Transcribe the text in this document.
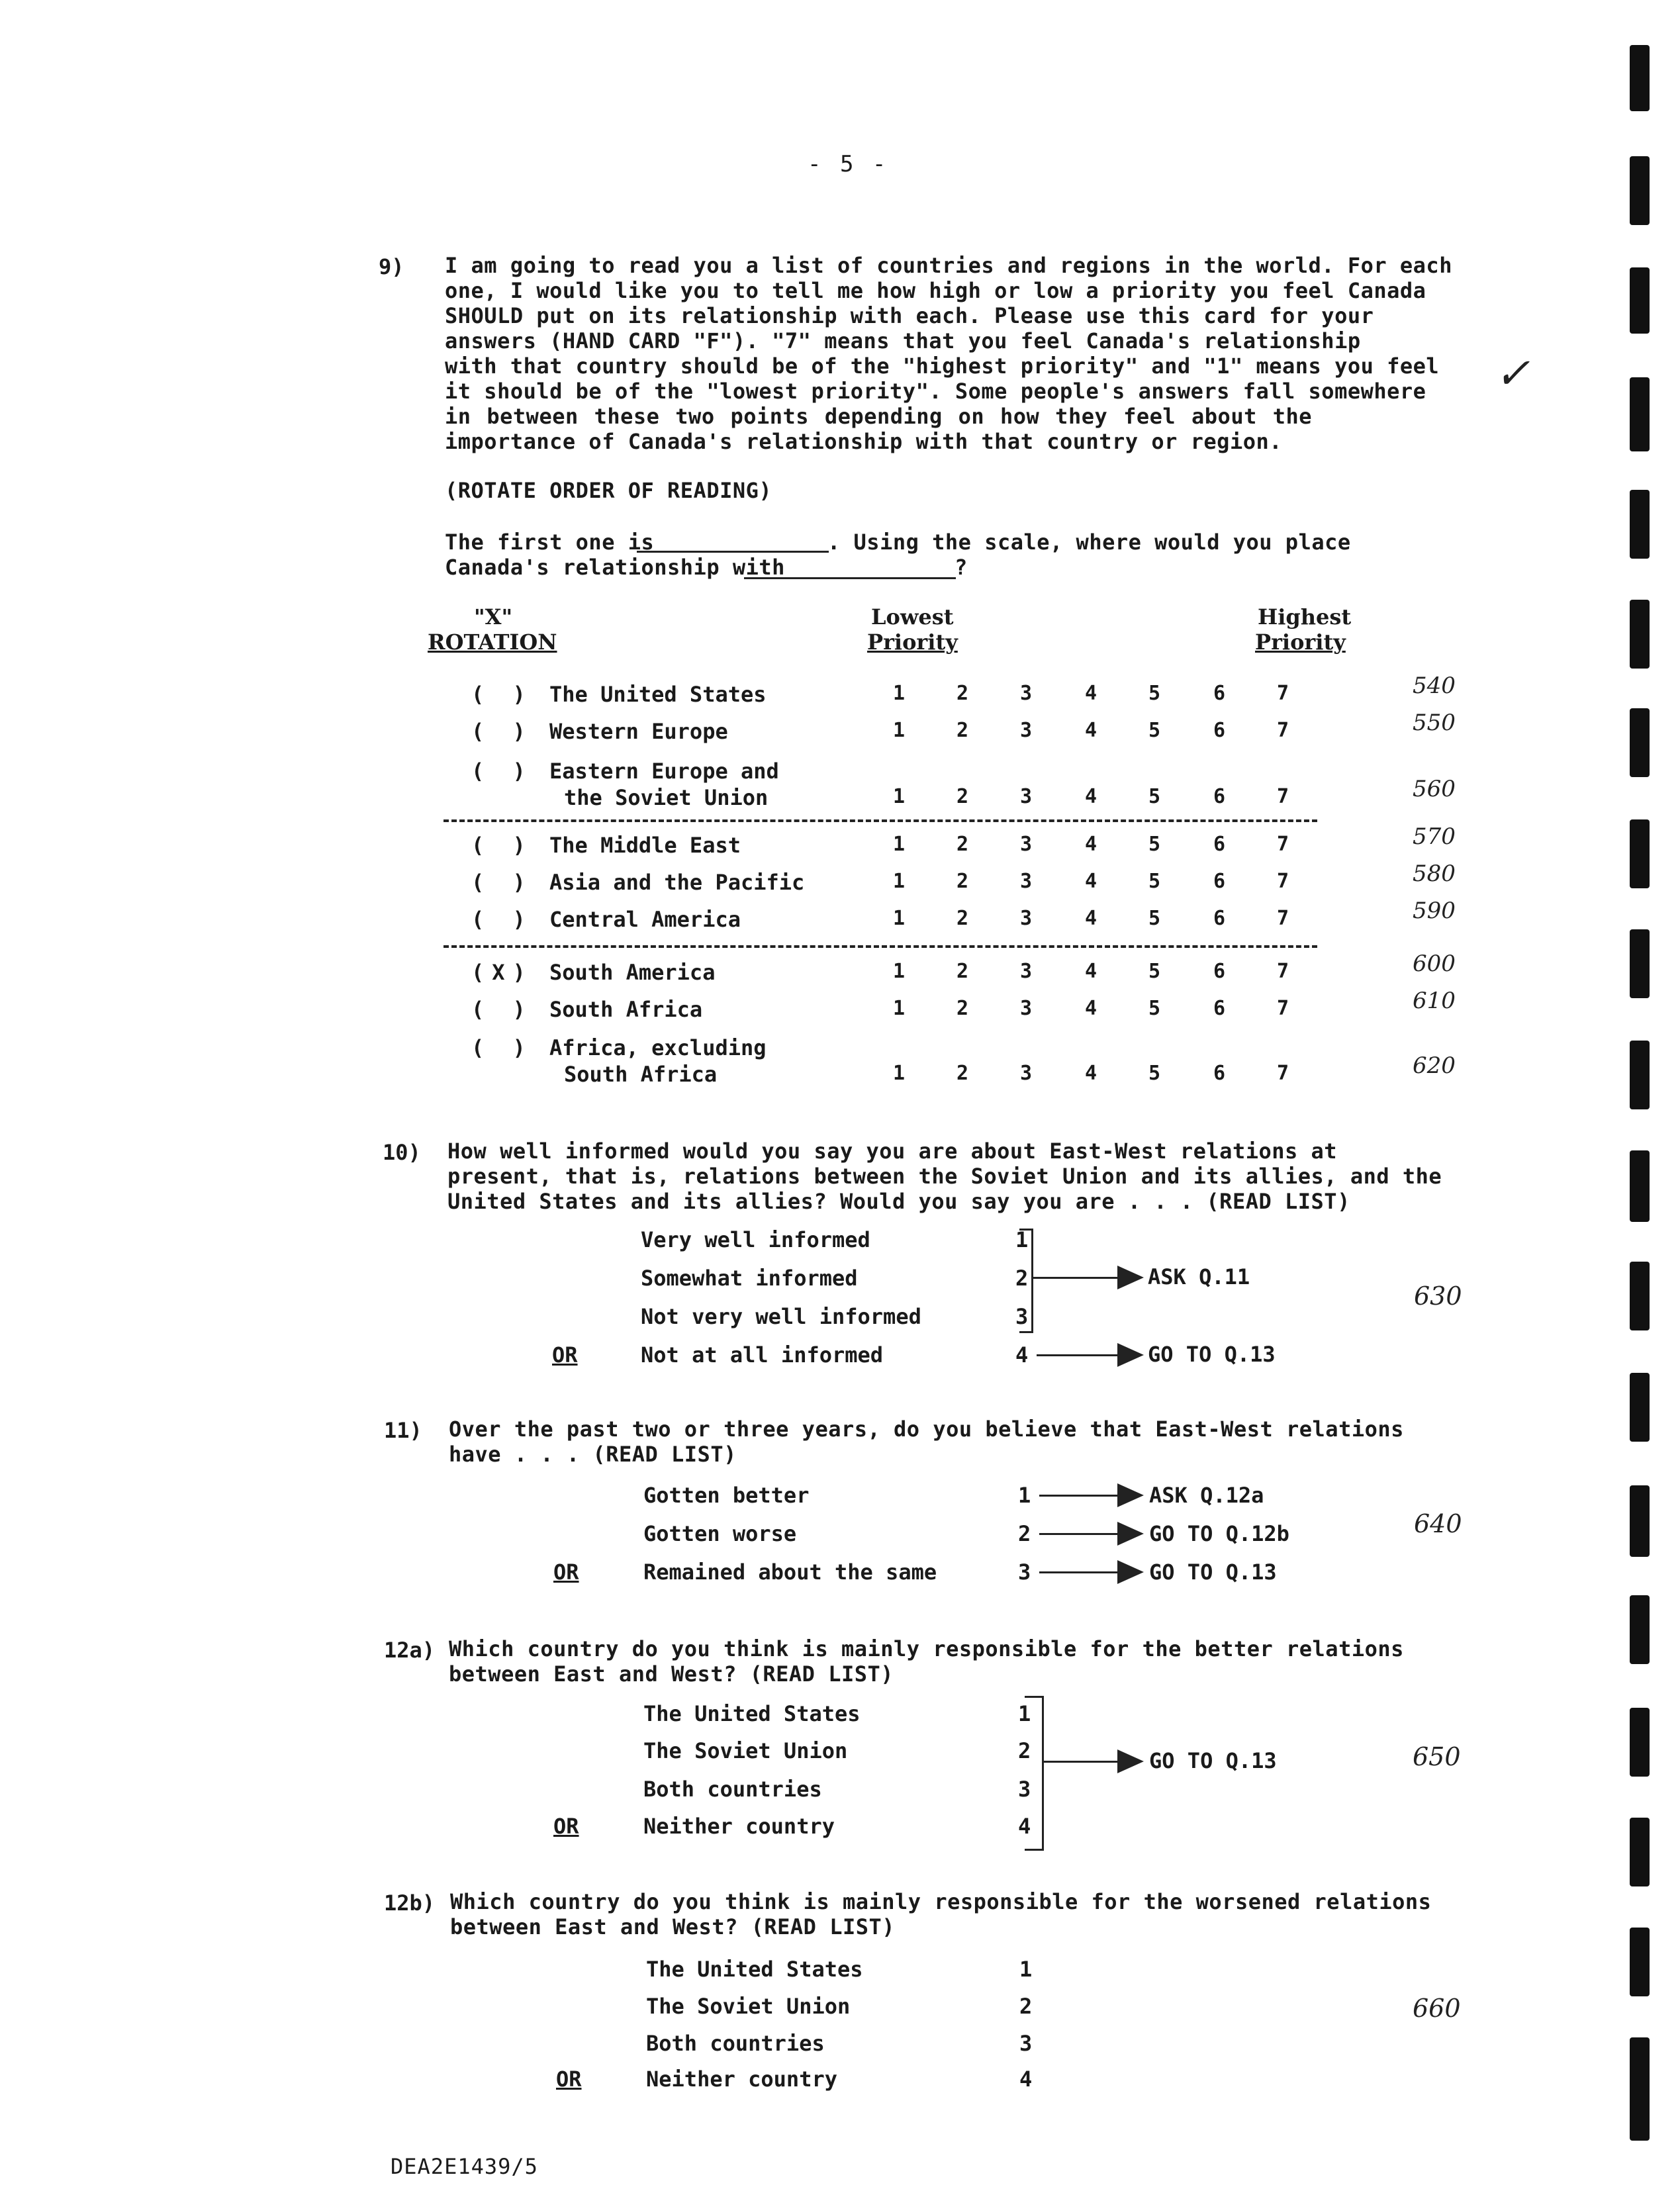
- 5 -
✓
9) I am going to read you a list of countries and regions in the world. For each
one, I would like you to tell me how high or low a priority you feel Canada
SHOULD put on its relationship with each. Please use this card for your
answers (HAND CARD "F"). "7" means that you feel Canada's relationship
with that country should be of the "highest priority" and "1" means you feel
it should be of the "lowest priority". Some people's answers fall somewhere
in between these two points depending on how they feel about the
importance of Canada's relationship with that country or region.
(ROTATE ORDER OF READING)
The first one is	. Using the scale, where would you place
Canada's relationship with	?
"X"
ROTATION
Lowest
Priority
Highest
Priority
( ) The United States	1	2	3	4	5	6	7	540
( ) Western Europe	1	2	3	4	5	6	7	550
( ) Eastern Europe and
the Soviet Union	1	2	3	4	5	6	7	560
( ) The Middle East	1	2	3	4	5	6	7	570
( ) Asia and the Pacific	1	2	3	4	5	6	7	580
( ) Central America	1	2	3	4	5	6	7	590
(X) South America	1	2	3	4	5	6	7	600
( ) South Africa	1	2	3	4	5	6	7	610
( ) Africa, excluding
South Africa	1	2	3	4	5	6	7	620
10) How well informed would you say you are about East-West relations at
present, that is, relations between the Soviet Union and its allies, and the
United States and its allies? Would you say you are . . . (READ LIST)
Very well informed	1
Somewhat informed	2
Not very well informed	3
OR	Not at all informed	4
ASK Q.11
GO TO Q.13
630
11) Over the past two or three years, do you believe that East-West relations
have . . . (READ LIST)
Gotten better	1
Gotten worse	2
OR	Remained about the same	3
ASK Q.12a
GO TO Q.12b
GO TO Q.13
640
12a) Which country do you think is mainly responsible for the better relations
between East and West? (READ LIST)
The United States	1
The Soviet Union	2
Both countries	3
OR	Neither country	4
GO TO Q.13	650
12b) Which country do you think is mainly responsible for the worsened relations
between East and West? (READ LIST)
The United States	1
The Soviet Union	2
Both countries	3
OR	Neither country	4
660
DEA2E1439/5
